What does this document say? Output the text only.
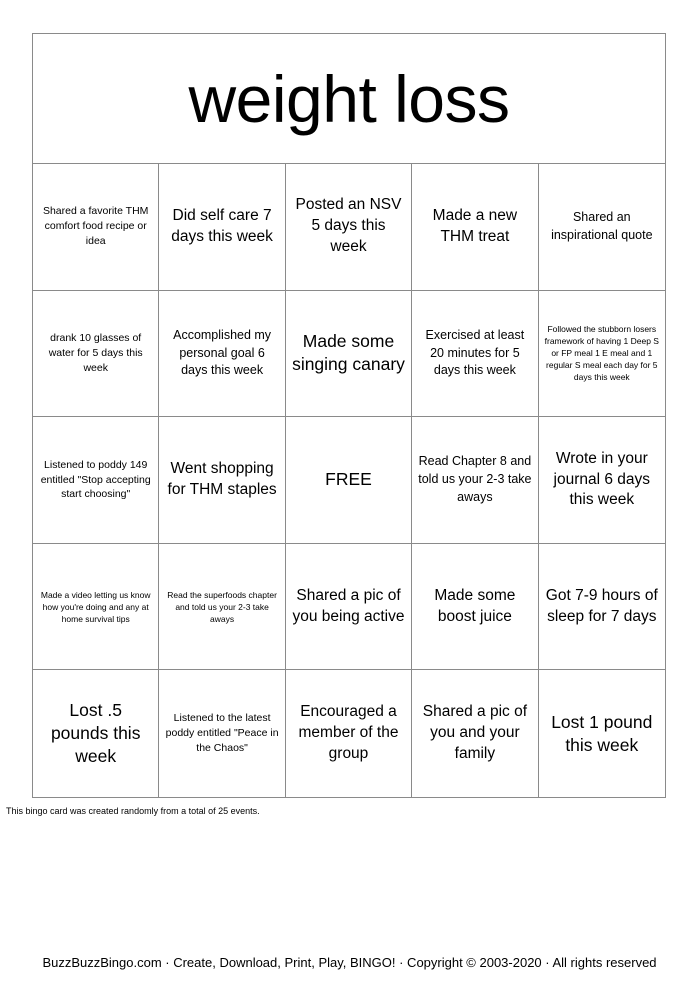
weight loss
Shared a favorite THM comfort food recipe or idea
Did self care 7 days this week
Posted an NSV 5 days this week
Made a new THM treat
Shared an inspirational quote
drank 10 glasses of water for 5 days this week
Accomplished my personal goal 6 days this week
Made some singing canary
Exercised at least 20 minutes for 5 days this week
Followed the stubborn losers framework of having 1 Deep S or FP meal 1 E meal and 1 regular S meal each day for 5 days this week
Listened to poddy 149 entitled "Stop accepting start choosing"
Went shopping for THM staples
FREE
Read Chapter 8 and told us your 2-3 take aways
Wrote in your journal 6 days this week
Made a video letting us know how you're doing and any at home survival tips
Read the superfoods chapter and told us your 2-3 take aways
Shared a pic of you being active
Made some boost juice
Got 7-9 hours of sleep for 7 days
Lost .5 pounds this week
Listened to the latest poddy entitled "Peace in the Chaos"
Encouraged a member of the group
Shared a pic of you and your family
Lost 1 pound this week
This bingo card was created randomly from a total of 25 events.
BuzzBuzzBingo.com · Create, Download, Print, Play, BINGO! · Copyright © 2003-2020 · All rights reserved
